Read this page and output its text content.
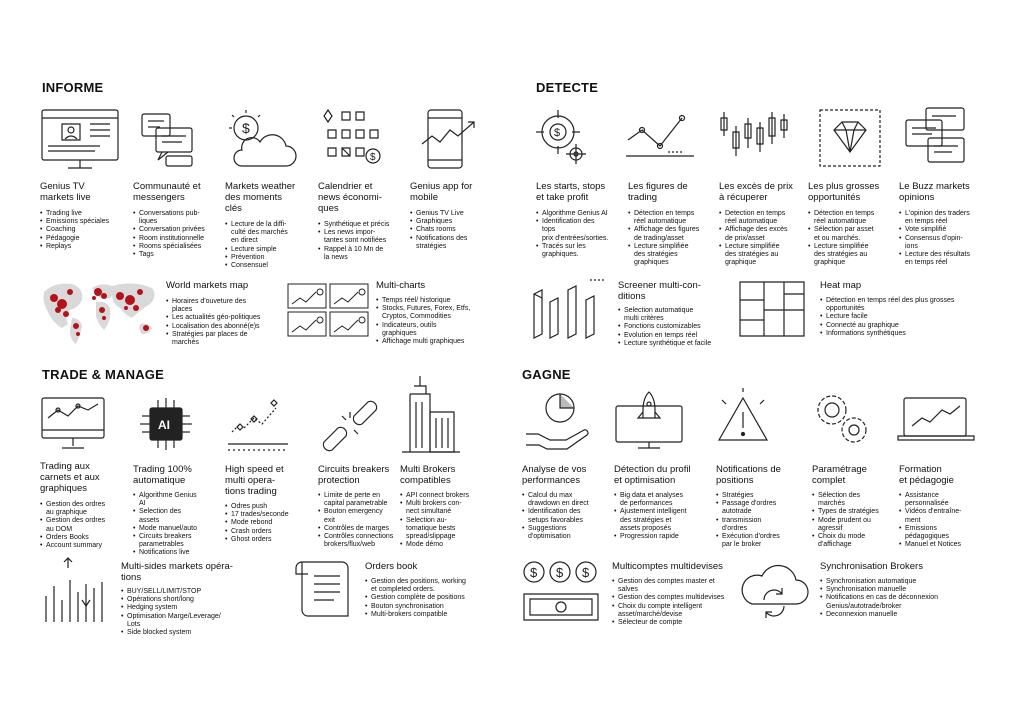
INFORME	DETECTE
TRADE & MANAGE	GAGNE
$
$
$
AI
$ $ $
Genius TV
markets live
• Trading live
• Emissions spéciales
• Coaching
• Pédagogie
• Replays
Communauté et
messengers
• Conversations pub-
liques
• Conversation privées
• Room institutionnelle
• Rooms spécialisées
• Tags
Markets weather
des moments
clés
• Lecture de la diffi-
culté des marchés
en direct
• Lecture simple
• Prévention
• Consensuel
Calendrier et
news économi-
ques
• Synthétique et précis
• Les news impor-
tantes sont notifiées
• Rappel à 10 Mn de
la news
Genius app for
mobile
• Genius TV Live
• Graphiques
• Chats rooms
• Notifications des
stratégies
World markets map
• Horaires d'ouveture des
places
• Les actualités géo-politiques
• Localisation des abonné(e)s
• Stratégies par places de
marchés
Multi-charts
• Temps réel/ historique
• Stocks, Futures, Forex, Etfs,
Cryptos, Commodities
• Indicateurs, outils
graphiques
• Affichage multi graphiques
Les starts, stops
et take profit
• Algorithme Genius AI
• Identification des
tops
prix d'entrées/sorties.
• Tracés sur les
graphiques.
Les figures de
trading
• Détection en temps
réel automatique
• Affichage des figures
de trading/asset
• Lecture simplifiée
des stratégies
graphiques
Les excès de prix
à récuperer
• Detection en temps
réel automatique
• Affichage des excès
de prix/asset
• Lecture simplifiée
des stratégies au
graphique
Les plus grosses
opportunités
• Détection en temps
réel automatique
• Sélection par asset
et ou marchés.
• Lecture simplifiée
des stratégies au
graphique
Le Buzz markets
opinions
• L'opinion des traders
en temps réel
• Vote simplifié
• Consensus d'opin-
ions
• Lecture des résultats
en temps réel
Screener multi-con-
ditions
• Selection automatique
multi critères
• Fonctions customizables
• Evolution en temps réel
• Lecture synthétique et facile
Heat map
• Détection en temps réel des plus grosses
opportunités
• Lecture facile
• Connecté au graphique
• Informations synthétiques
Trading aux
carnets et aux
graphiques
• Gestion des ordres
au graphique
• Gestion des ordres
au DOM
• Orders Books
• Account summary
Trading 100%
automatique
• Algorithme Genius
AI
• Selection des
assets
• Mode manuel/auto
• Circuits breakers
parametrables
• Notifications live
High speed et
multi opera-
tions trading
• Odres push
• 17 trades/seconde
• Mode rebond
• Crash orders
• Ghost orders
Circuits breakers
protection
• Limite de perte en
capital parametrable
• Bouton emergency
exit
• Contrôles de marges
• Contrôles connections
brokers/flux/web
Multi Brokers
compatibles
• API connect brokers
• Multi brokers con-
nect simultané
• Selection au-
tomatique bests
spread/slippage
• Mode démo
Multi-sides markets opéra-
tions
• BUY/SELL/LIMIT/STOP
• Opérations short/long
• Hedging system
• Optimisation Marge/Leverage/
Lots
• Side blocked system
Orders book
• Gestion des positions, working
et completed orders.
• Gestion complète de positions
• Bouton synchronisation
• Multi-brokers compatible
Analyse de vos
performances
• Calcul du max
drawdown en direct
• Identification des
setups favorables
• Suggestions
d'optimisation
Détection du profil
et optimisation
• Big data et analyses
de performances
• Ajustement intelligent
des stratégies et
assets proposés
• Progression rapide
Notifications de
positions
• Stratégies
• Passage d'ordres
autotrade
• transmission
d'ordres
• Exécution d'ordres
par le broker
Paramétrage
complet
• Sélection des
marchés
• Types de stratégies
• Mode prudent ou
agressif
• Choix du mode
d'affichage
Formation
et pédagogie
• Assistance
personnalisée
• Vidéos d'entraîne-
ment
• Emissions
pédagogiques
• Manuel et Notices
Multicomptes multidevises
• Gestion des comptes master et
salves
• Gestion des comptes multidevises
• Choix du compte intelligent
asset/marché/devise
• Sélecteur de compte
Synchronisation Brokers
• Synchronisation automatique
• Synchronisation manuelle
• Notifications en cas de déconnexion
Genius/autotrade/broker
• Deconnexion manuelle
